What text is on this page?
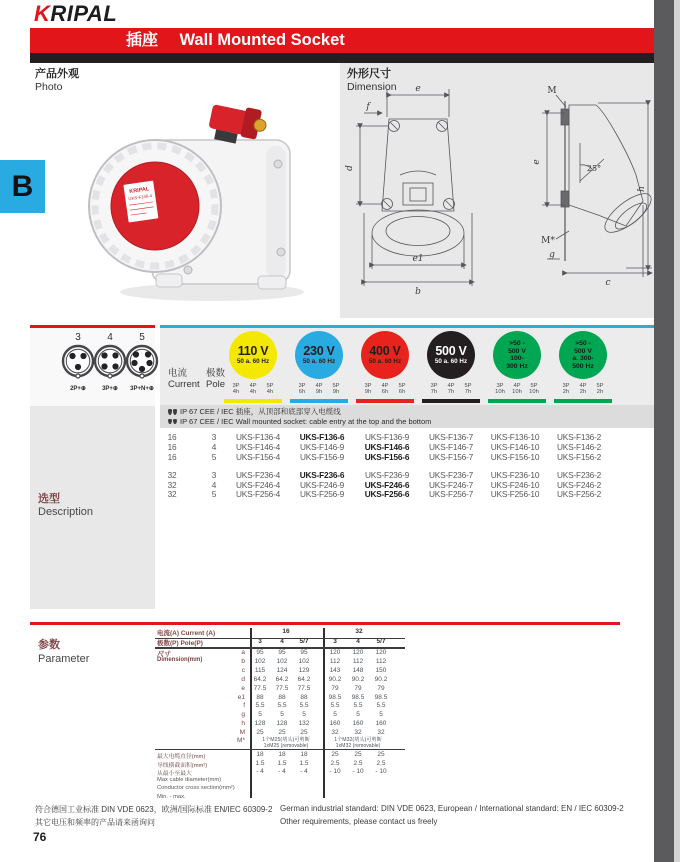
KRIPAL
插座 Wall Mounted Socket
产品外观
Photo
外形尺寸
Dimension
KRIPAL
UKS-F146-4
e
f
d
e1
b
M
e
25°
M*
g
c
h
B
3
2P+⊕
4
3P+⊕
5
3P+N+⊕
选型
Description
电流
Current
极数
Pole
110 V
50 a. 60 Hz
3P
4h
4P
4h
5P
4h
230 V
50 a. 60 Hz
3P
6h
4P
9h
5P
9h
400 V
50 a. 60 Hz
3P
9h
4P
6h
5P
6h
500 V
50 a. 60 Hz
3P
7h
4P
7h
5P
7h
>50 -
500 V
100-
300 Hz
3P
10h
4P
10h
5P
10h
>50 -
500 V
a. 300-
500 Hz
3P
2h
4P
2h
5P
2h
IP 67 CEE / IEC 插座，从顶部和底部穿入电缆线
IP 67 CEE / IEC Wall mounted socket: cable entry at the top and the bottom
16	3	UKS-F136-4	UKS-F136-6	UKS-F136-9	UKS-F136-7	UKS-F136-10	UKS-F136-2
16	4	UKS-F146-4	UKS-F146-9	UKS-F146-6	UKS-F146-7	UKS-F146-10	UKS-F146-2
16	5	UKS-F156-4	UKS-F156-9	UKS-F156-6	UKS-F156-7	UKS-F156-10	UKS-F156-2
32	3	UKS-F236-4	UKS-F236-6	UKS-F236-9	UKS-F236-7	UKS-F236-10	UKS-F236-2
32	4	UKS-F246-4	UKS-F246-9	UKS-F246-6	UKS-F246-7	UKS-F246-10	UKS-F246-2
32	5	UKS-F256-4	UKS-F256-9	UKS-F256-6	UKS-F256-7	UKS-F256-10	UKS-F256-2
参数
Parameter
电流(A) Current (A)	16	32
极数(P) Pole(P)	3	4	5/7	3	4	5/7
尺寸
Dimension(mm)
a	95	95	95	120	120	120
b	102	102	102	112	112	112
c	115	124	129	143	148	150
d	64.2	64.2	64.2	90.2	90.2	90.2
e	77.5	77.5	77.5	79	79	79
e1	88	88	88	98.5	98.5	98.5
f	5.5	5.5	5.5	5.5	5.5	5.5
g	5	5	5	5	5	5
h	128	128	132	160	160	160
M	25	25	25	32	32	32
M*	1个M25(堵头)可剪断
1xM25 (removable)
1个M32(堵头)可剪断
1xM32 (removable)
最大电缆直径(mm)	18	18	18	25	25	25
导线横截面积(mm²)	1.5	1.5	1.5	2.5	2.5	2.5
从最小至最大	- 4	- 4	- 4	- 10	- 10	- 10
Max cable diameter(mm)
Conductor cross section(mm²)
Min. - max.
符合德国工业标准 DIN VDE 0623，欧洲/国际标准 EN/IEC 60309-2
其它电压和频率的产品请来函询问
German industrial standard: DIN VDE 0623, European / International standard: EN / IEC 60309-2
Other requirements, please contact us freely
76
